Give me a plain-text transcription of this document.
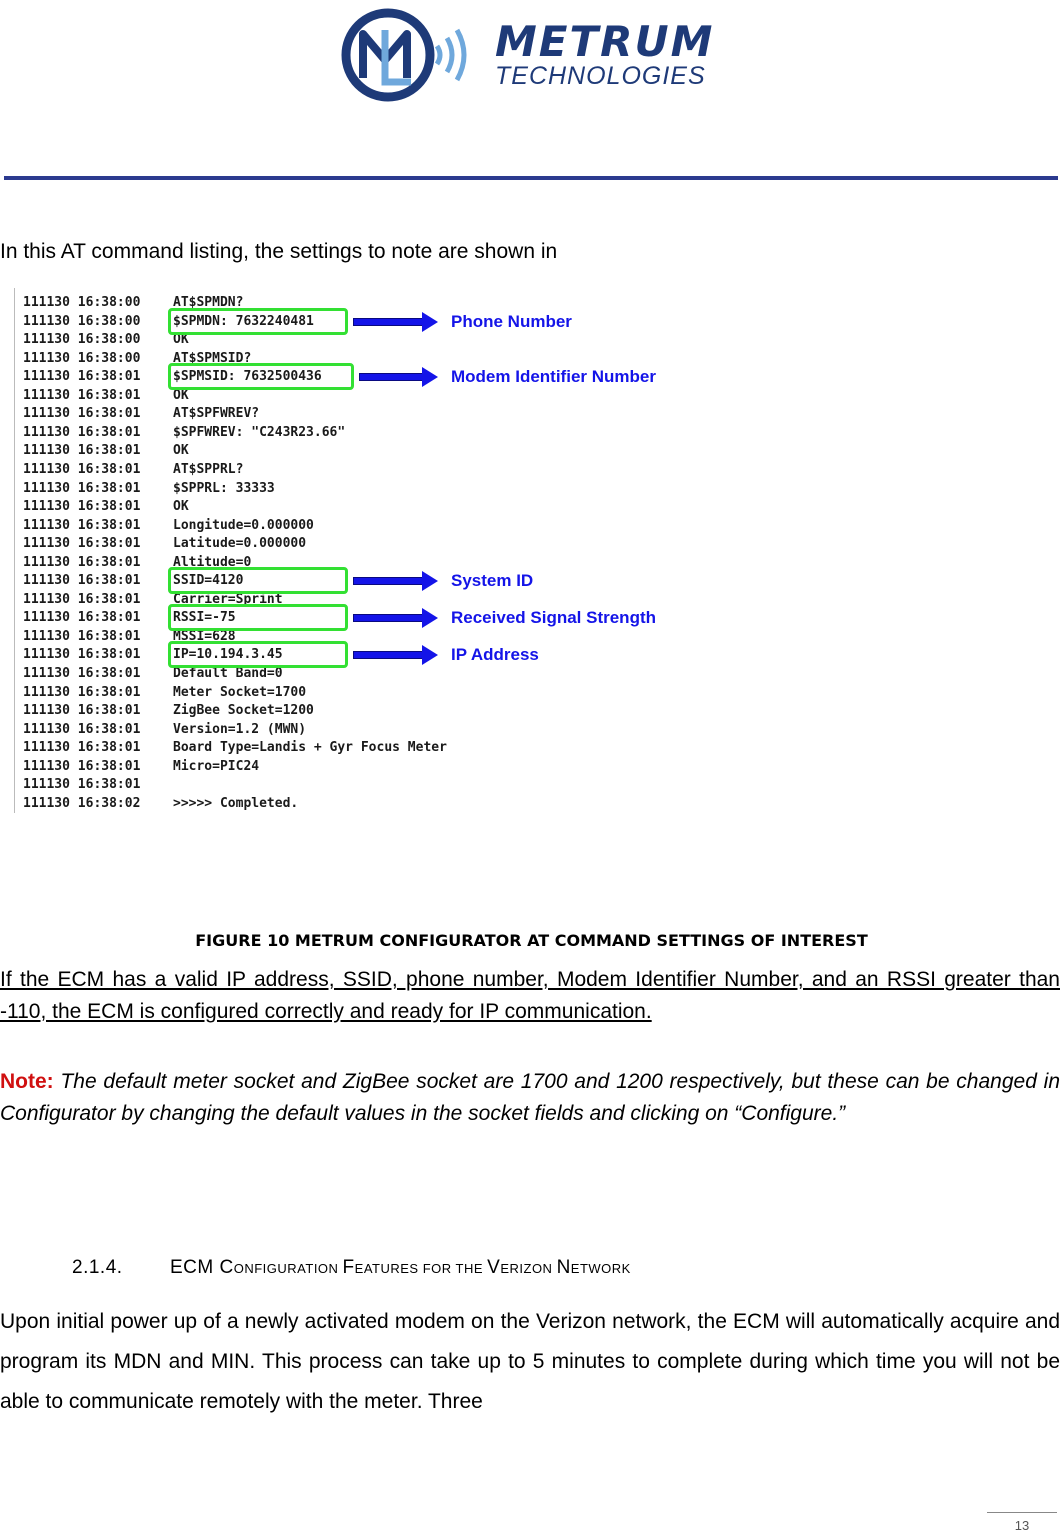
METRUM
TECHNOLOGIES
In this AT command listing, the settings to note are shown in
111130 16:38:00	AT$SPMDN?
111130 16:38:00	$SPMDN: 7632240481
111130 16:38:00	OK
111130 16:38:00	AT$SPMSID?
111130 16:38:01	$SPMSID: 7632500436
111130 16:38:01	OK
111130 16:38:01	AT$SPFWREV?
111130 16:38:01	$SPFWREV: "C243R23.66"
111130 16:38:01	OK
111130 16:38:01	AT$SPPRL?
111130 16:38:01	$SPPRL: 33333
111130 16:38:01	OK
111130 16:38:01	Longitude=0.000000
111130 16:38:01	Latitude=0.000000
111130 16:38:01	Altitude=0
111130 16:38:01	SSID=4120
111130 16:38:01	Carrier=Sprint
111130 16:38:01	RSSI=-75
111130 16:38:01	MSSI=628
111130 16:38:01	IP=10.194.3.45
111130 16:38:01	Default Band=0
111130 16:38:01	Meter Socket=1700
111130 16:38:01	ZigBee Socket=1200
111130 16:38:01	Version=1.2 (MWN)
111130 16:38:01	Board Type=Landis + Gyr Focus Meter
111130 16:38:01	Micro=PIC24
111130 16:38:01
111130 16:38:02	>>>>> Completed.
FIGURE 10 METRUM CONFIGURATOR AT COMMAND SETTINGS OF INTEREST
If the ECM has a valid IP address, SSID, phone number, Modem Identifier Number, and an RSSI greater than -110, the ECM is configured correctly and ready for IP communication.
Note: The default meter socket and ZigBee socket are 1700 and 1200 respectively, but these can be changed in Configurator by changing the default values in the socket fields and clicking on “Configure.”
2.1.4. ECM CONFIGURATION FEATURES FOR THE VERIZON NETWORK
Upon initial power up of a newly activated modem on the Verizon network, the ECM will automatically acquire and program its MDN and MIN. This process can take up to 5 minutes to complete during which time you will not be able to communicate remotely with the meter. Three
13
Phone Number
Modem Identifier Number
System ID
Received Signal Strength
IP Address
